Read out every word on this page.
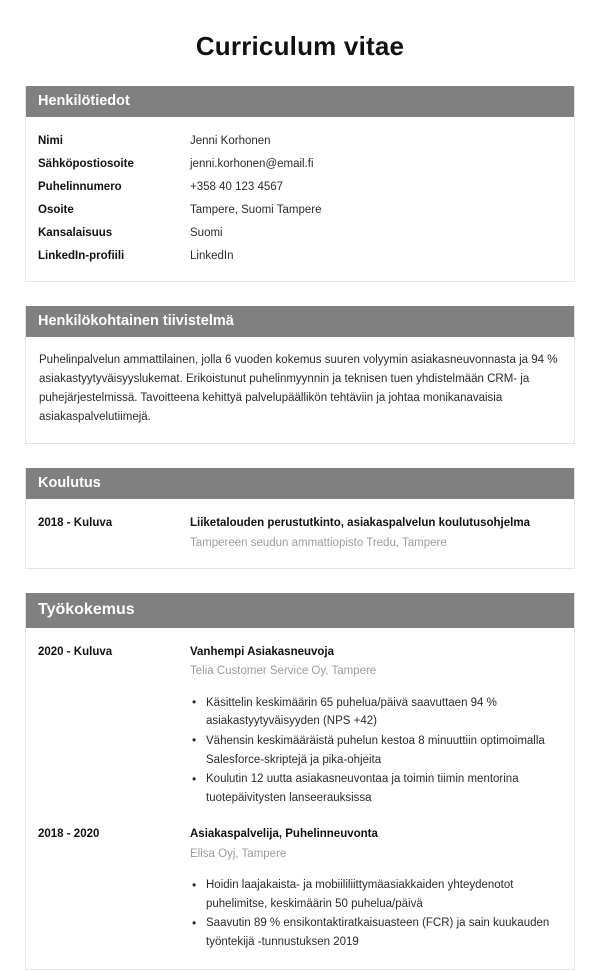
Curriculum vitae
Henkilötiedot
Nimi	Jenni Korhonen
Sähköpostiosoite	jenni.korhonen@email.fi
Puhelinnumero	+358 40 123 4567
Osoite	Tampere, Suomi Tampere
Kansalaisuus	Suomi
LinkedIn-profiili	LinkedIn
Henkilökohtainen tiivistelmä

Puhelinpalvelun ammattilainen, jolla 6 vuoden kokemus suuren volyymin asiakasneuvonnasta ja 94 % asiakastyytyväisyyslukemat. Erikoistunut puhelinmyynnin ja teknisen tuen yhdistelmään CRM- ja puhejärjestelmissä. Tavoitteena kehittyä palvelupäällikön tehtäviin ja johtaa monikanavaisia asiakaspalvelutiimejä.

Koulutus
2018 - Kuluva	Liiketalouden perustutkinto, asiakaspalvelun koulutusohjelma
Tampereen seudun ammattiopisto Tredu, Tampere
Työkokemus
2020 - Kuluva	Vanhempi Asiakasneuvoja
Telia Customer Service Oy, Tampere
• Käsittelin keskimäärin 65 puhelua/päivä saavuttaen 94 % asiakastyytyväisyyden (NPS +42)
• Vähensin keskimääräistä puhelun kestoa 8 minuuttiin optimoimalla Salesforce-skriptejä ja pika-ohjeita
• Koulutin 12 uutta asiakasneuvontaa ja toimin tiimin mentorina tuotepäivitysten lanseerauksissa
2018 - 2020	Asiakaspalvelija, Puhelinneuvonta
Elisa Oyj, Tampere
• Hoidin laajakaista- ja mobiililiittymäasiakkaiden yhteydenotot puhelimitse, keskimäärin 50 puhelua/päivä
• Saavutin 89 % ensikontaktiratkaisuasteen (FCR) ja sain kuukauden työntekijä -tunnustuksen 2019
